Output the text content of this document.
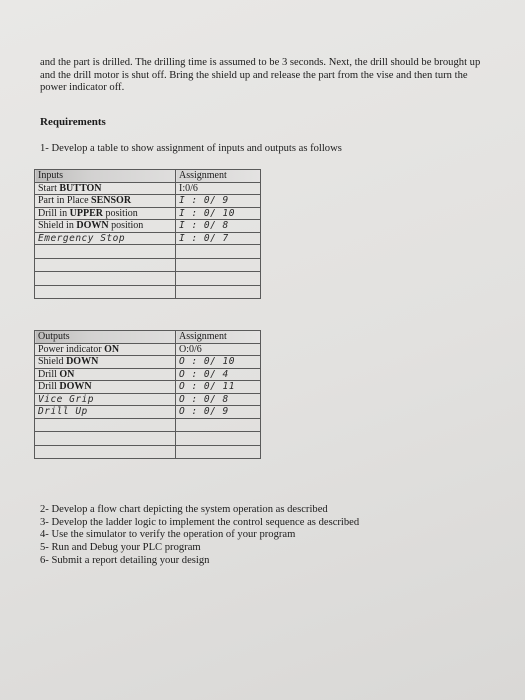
and the part is drilled. The drilling time is assumed to be 3 seconds. Next, the drill should be brought up and the drill motor is shut off. Bring the shield up and release the part from the vise and then turn the power indicator off.

Requirements

1- Develop a table to show assignment of inputs and outputs as follows

Inputs	Assignment
Start BUTTON	I:0/6
Part in Place SENSOR	I : 0/ 9
Drill in UPPER position	I : 0/ 10
Shield in DOWN position	I : 0/ 8
Emergency Stop	I : 0/ 7

Outputs	Assignment
Power indicator ON	O:0/6
Shield DOWN	O : 0/ 10
Drill ON	O : 0/ 4
Drill DOWN	O : 0/ 11
Vice Grip	O : 0/ 8
Drill Up	O : 0/ 9

2- Develop a flow chart depicting the system operation as described
3- Develop the ladder logic to implement the control sequence as described
4- Use the simulator to verify the operation of your program
5- Run and Debug your PLC program
6- Submit a report detailing your design
